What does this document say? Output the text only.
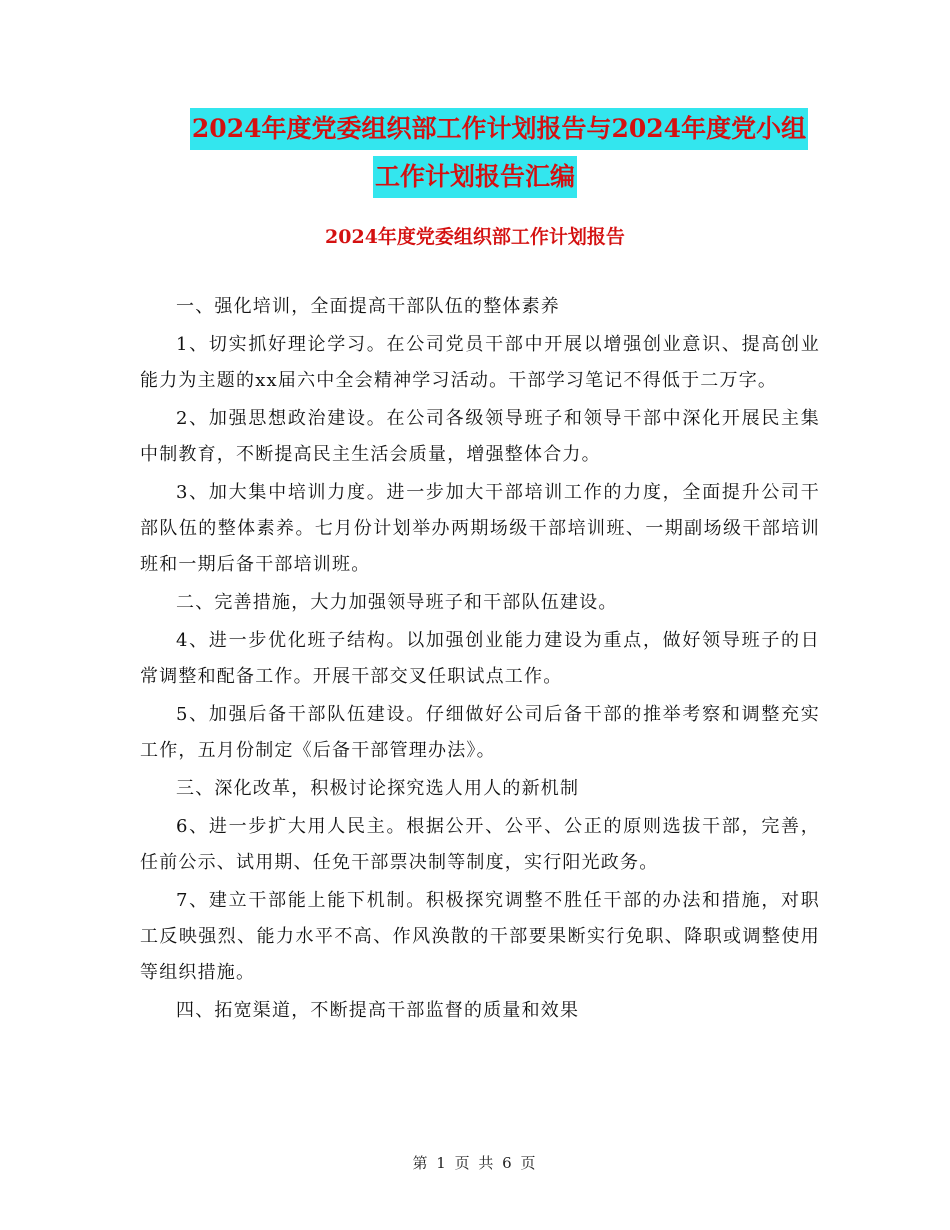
2024年度党委组织部工作计划报告与2024年度党小组
工作计划报告汇编
2024年度党委组织部工作计划报告

一、强化培训，全面提高干部队伍的整体素养

1、切实抓好理论学习。在公司党员干部中开展以增强创业意识、提高创业能力为主题的xx届六中全会精神学习活动。干部学习笔记不得低于二万字。

2、加强思想政治建设。在公司各级领导班子和领导干部中深化开展民主集中制教育，不断提高民主生活会质量，增强整体合力。

3、加大集中培训力度。进一步加大干部培训工作的力度，全面提升公司干部队伍的整体素养。七月份计划举办两期场级干部培训班、一期副场级干部培训班和一期后备干部培训班。

二、完善措施，大力加强领导班子和干部队伍建设。

4、进一步优化班子结构。以加强创业能力建设为重点，做好领导班子的日常调整和配备工作。开展干部交叉任职试点工作。

5、加强后备干部队伍建设。仔细做好公司后备干部的推举考察和调整充实工作，五月份制定《后备干部管理办法》。

三、深化改革，积极讨论探究选人用人的新机制

6、进一步扩大用人民主。根据公开、公平、公正的原则选拔干部，完善，任前公示、试用期、任免干部票决制等制度，实行阳光政务。

7、建立干部能上能下机制。积极探究调整不胜任干部的办法和措施，对职工反映强烈、能力水平不高、作风涣散的干部要果断实行免职、降职或调整使用等组织措施。

四、拓宽渠道，不断提高干部监督的质量和效果

第 1 页 共 6 页
